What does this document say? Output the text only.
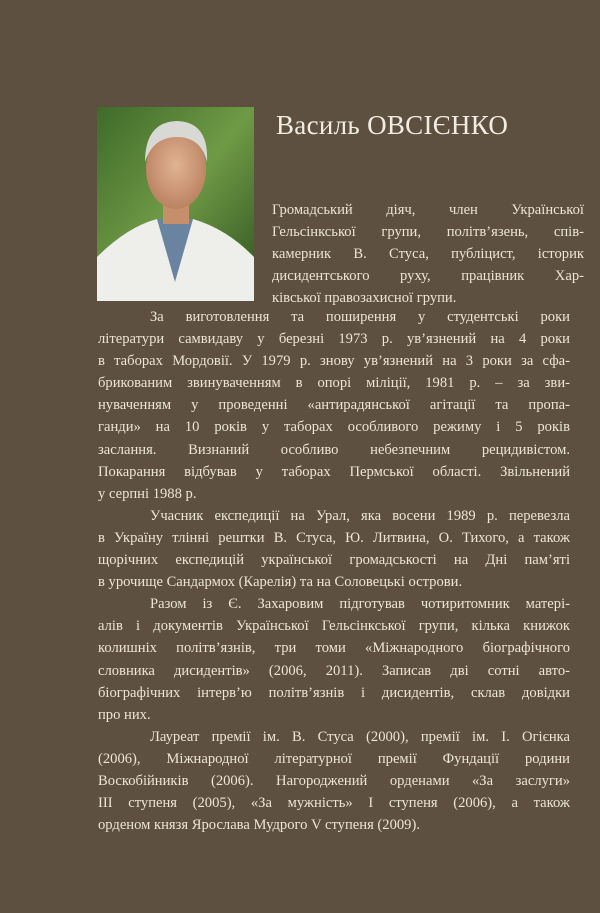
Василь ОВСІЄНКО
Громадський діяч, член Української
Гельсінкської групи, політв’язень, спів-
камерник В. Стуса, публіцист, історик
дисидентського руху, працівник Хар-
ківської правозахисної групи.
За виготовлення та поширення у студентські роки
літератури самвидаву у березні 1973 р. ув’язнений на 4 роки
в таборах Мордовії. У 1979 р. знову ув’язнений на 3 роки за сфа-
брикованим звинуваченням в опорі міліції, 1981 р. – за зви-
нуваченням у проведенні «антирадянської агітації та пропа-
ганди» на 10 років у таборах особливого режиму і 5 років
заслання. Визнаний особливо небезпечним рецидивістом.
Покарання відбував у таборах Пермської області. Звільнений
у серпні 1988 р.
Учасник експедиції на Урал, яка восени 1989 р. перевезла
в Україну тлінні рештки В. Стуса, Ю. Литвина, О. Тихого, а також
щорічних експедицій української громадськості на Дні пам’яті
в урочище Сандармох (Карелія) та на Соловецькі острови.
Разом із Є. Захаровим підготував чотиритомник матері-
алів і документів Української Гельсінкської групи, кілька книжок
колишніх політв’язнів, три томи «Міжнародного біографічного
словника дисидентів» (2006, 2011). Записав дві сотні авто-
біографічних інтерв’ю політв’язнів і дисидентів, склав довідки
про них.
Лауреат премії ім. В. Стуса (2000), премії ім. І. Огієнка
(2006), Міжнародної літературної премії Фундації родини
Воскобійників (2006). Нагороджений орденами «За заслуги»
ІІІ ступеня (2005), «За мужність» І ступеня (2006), а також
орденом князя Ярослава Мудрого V ступеня (2009).
